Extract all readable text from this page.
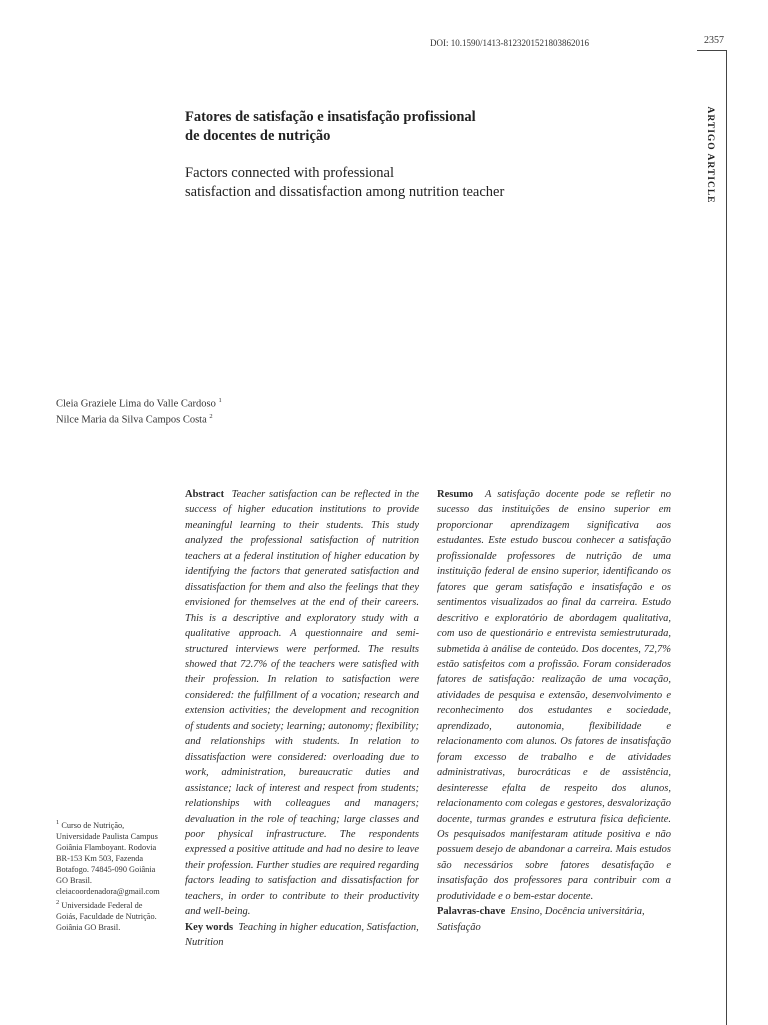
DOI: 10.1590/1413-812320152180386​2016	2357
ARTIGO ARTICLE
Fatores de satisfação e insatisfação profissional
de docentes de nutrição
Factors connected with professional
satisfaction and dissatisfaction among nutrition teacher
Cleia Graziele Lima do Valle Cardoso $^1$
Nilce Maria da Silva Campos Costa $^2$

Abstract Teacher satisfaction can be reflected in the success of higher education institutions to provide meaningful learning to their students. This study analyzed the professional satisfaction of nutrition teachers at a federal institution of higher education by identifying the factors that generated satisfaction and dissatisfaction for them and also the feelings that they envisioned for themselves at the end of their careers. This is a descriptive and exploratory study with a qualitative approach. A questionnaire and semi-structured interviews were performed. The results showed that 72.7% of the teachers were satisfied with their profession. In relation to satisfaction were considered: the fulfillment of a vocation; research and extension activities; the development and recognition of students and society; learning; autonomy; flexibility; and relationships with students. In relation to dissatisfaction were considered: overloading due to work, administration, bureaucratic duties and assistance; lack of interest and respect from students; relationships with colleagues and managers; devaluation in the role of teaching; large classes and poor physical infrastructure. The respondents expressed a positive attitude and had no desire to leave their profession. Further studies are required regarding factors leading to satisfaction and dissatisfaction for teachers, in order to contribute to their productivity and well-being.

Key words Teaching in higher education, Satisfaction, Nutrition

Resumo A satisfação docente pode se refletir no sucesso das instituições de ensino superior em proporcionar aprendizagem significativa aos estudantes. Este estudo buscou conhecer a satisfação profissionalde professores de nutrição de uma instituição federal de ensino superior, identificando os fatores que geram satisfação e insatisfação e os sentimentos visualizados ao final da carreira. Estudo descritivo e exploratório de abordagem qualitativa, com uso de questionário e entrevista semiestruturada, submetida à análise de conteúdo. Dos docentes, 72,7% estão satisfeitos com a profissão. Foram considerados fatores de satisfação: realização de uma vocação, atividades de pesquisa e extensão, desenvolvimento e reconhecimento dos estudantes e sociedade, aprendizado, autonomia, flexibilidade e relacionamento com alunos. Os fatores de insatisfação foram excesso de trabalho e de atividades administrativas, burocráticas e de assistência, desinteresse efalta de respeito dos alunos, relacionamento com colegas e gestores, desvalorização docente, turmas grandes e estrutura física deficiente. Os pesquisados manifestaram atitude positiva e não possuem desejo de abandonar a carreira. Mais estudos são necessários sobre fatores desatisfação e insatisfação dos professores para contribuir com a produtividade e o bem-estar docente.

Palavras-chave Ensino, Docência universitária, Satisfação

$^1$ Curso de Nutrição, Universidade Paulista Campus Goiânia Flamboyant. Rodovia BR-153 Km 503, Fazenda Botafogo. 74845-090 Goiânia GO Brasil. cleiacoordenadora@gmail.com
$^2$ Universidade Federal de Goiás, Faculdade de Nutrição. Goiânia GO Brasil.
